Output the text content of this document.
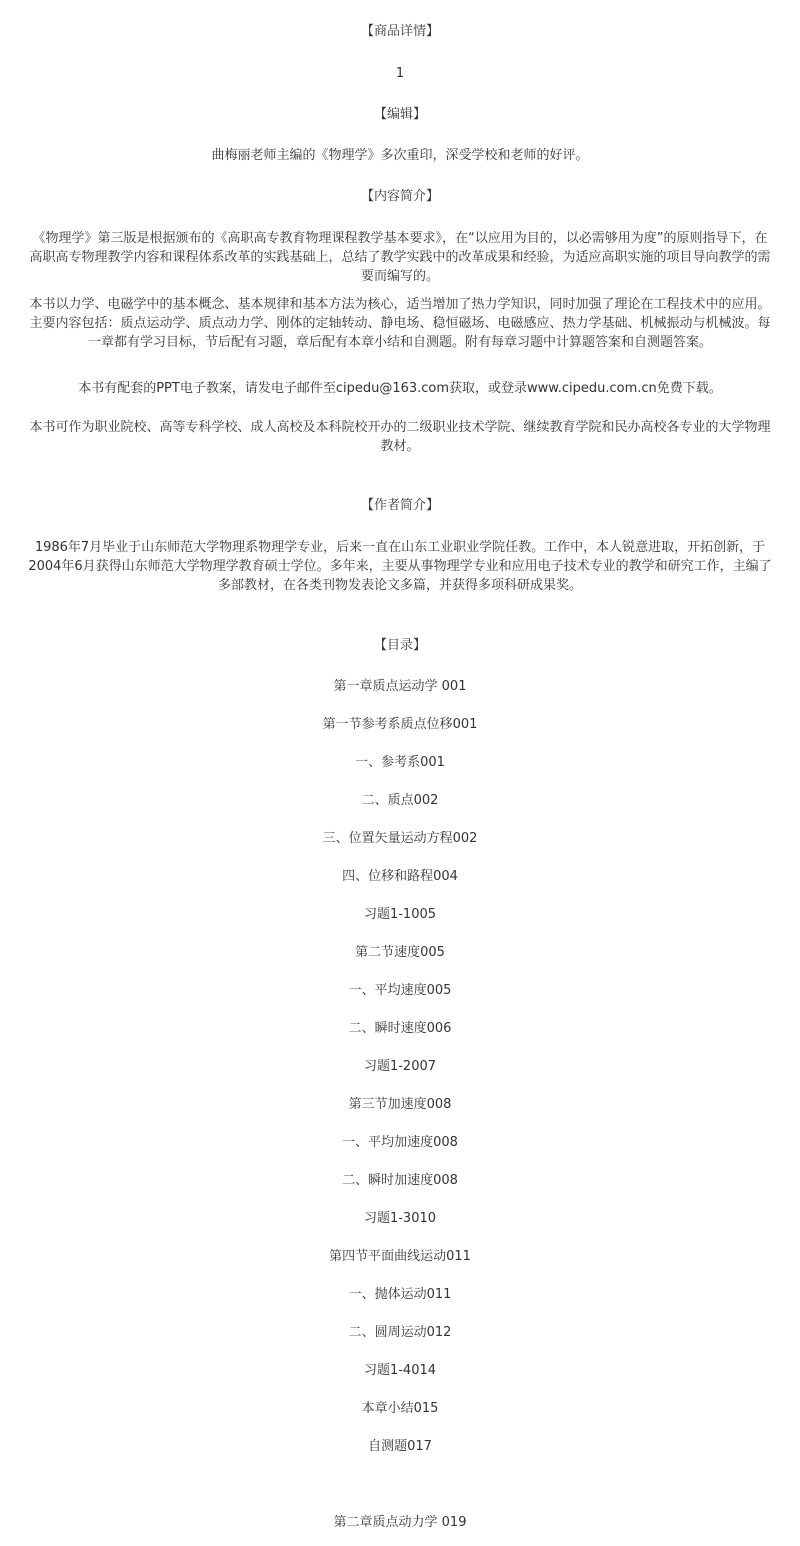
【商品详情】
1
【编辑】
曲梅丽老师主编的《物理学》多次重印，深受学校和老师的好评。
【内容简介】
《物理学》第三版是根据颁布的《高职高专教育物理课程教学基本要求》，在“以应用为目的，以必需够用为度”的原则指导下，在
高职高专物理教学内容和课程体系改革的实践基础上，总结了教学实践中的改革成果和经验，为适应高职实施的项目导向教学的需
要而编写的。
本书以力学、电磁学中的基本概念、基本规律和基本方法为核心，适当增加了热力学知识，同时加强了理论在工程技术中的应用。
主要内容包括：质点运动学、质点动力学、刚体的定轴转动、静电场、稳恒磁场、电磁感应、热力学基础、机械振动与机械波。每
一章都有学习目标，节后配有习题，章后配有本章小结和自测题。附有每章习题中计算题答案和自测题答案。
本书有配套的PPT电子教案，请发电子邮件至cipedu@163.com获取，或登录www.cipedu.com.cn免费下载。
本书可作为职业院校、高等专科学校、成人高校及本科院校开办的二级职业技术学院、继续教育学院和民办高校各专业的大学物理
教材。
【作者简介】
1986年7月毕业于山东师范大学物理系物理学专业，后来一直在山东工业职业学院任教。工作中，本人锐意进取，开拓创新，于
2004年6月获得山东师范大学物理学教育硕士学位。多年来，主要从事物理学专业和应用电子技术专业的教学和研究工作，主编了
多部教材，在各类刊物发表论文多篇，并获得多项科研成果奖。
【目录】
第一章质点运动学 001
第一节参考系质点位移001
一、参考系001
二、质点002
三、位置矢量运动方程002
四、位移和路程004
习题1-1005
第二节速度005
一、平均速度005
二、瞬时速度006
习题1-2007
第三节加速度008
一、平均加速度008
二、瞬时加速度008
习题1-3010
第四节平面曲线运动011
一、抛体运动011
二、圆周运动012
习题1-4014
本章小结015
自测题017
第二章质点动力学 019
